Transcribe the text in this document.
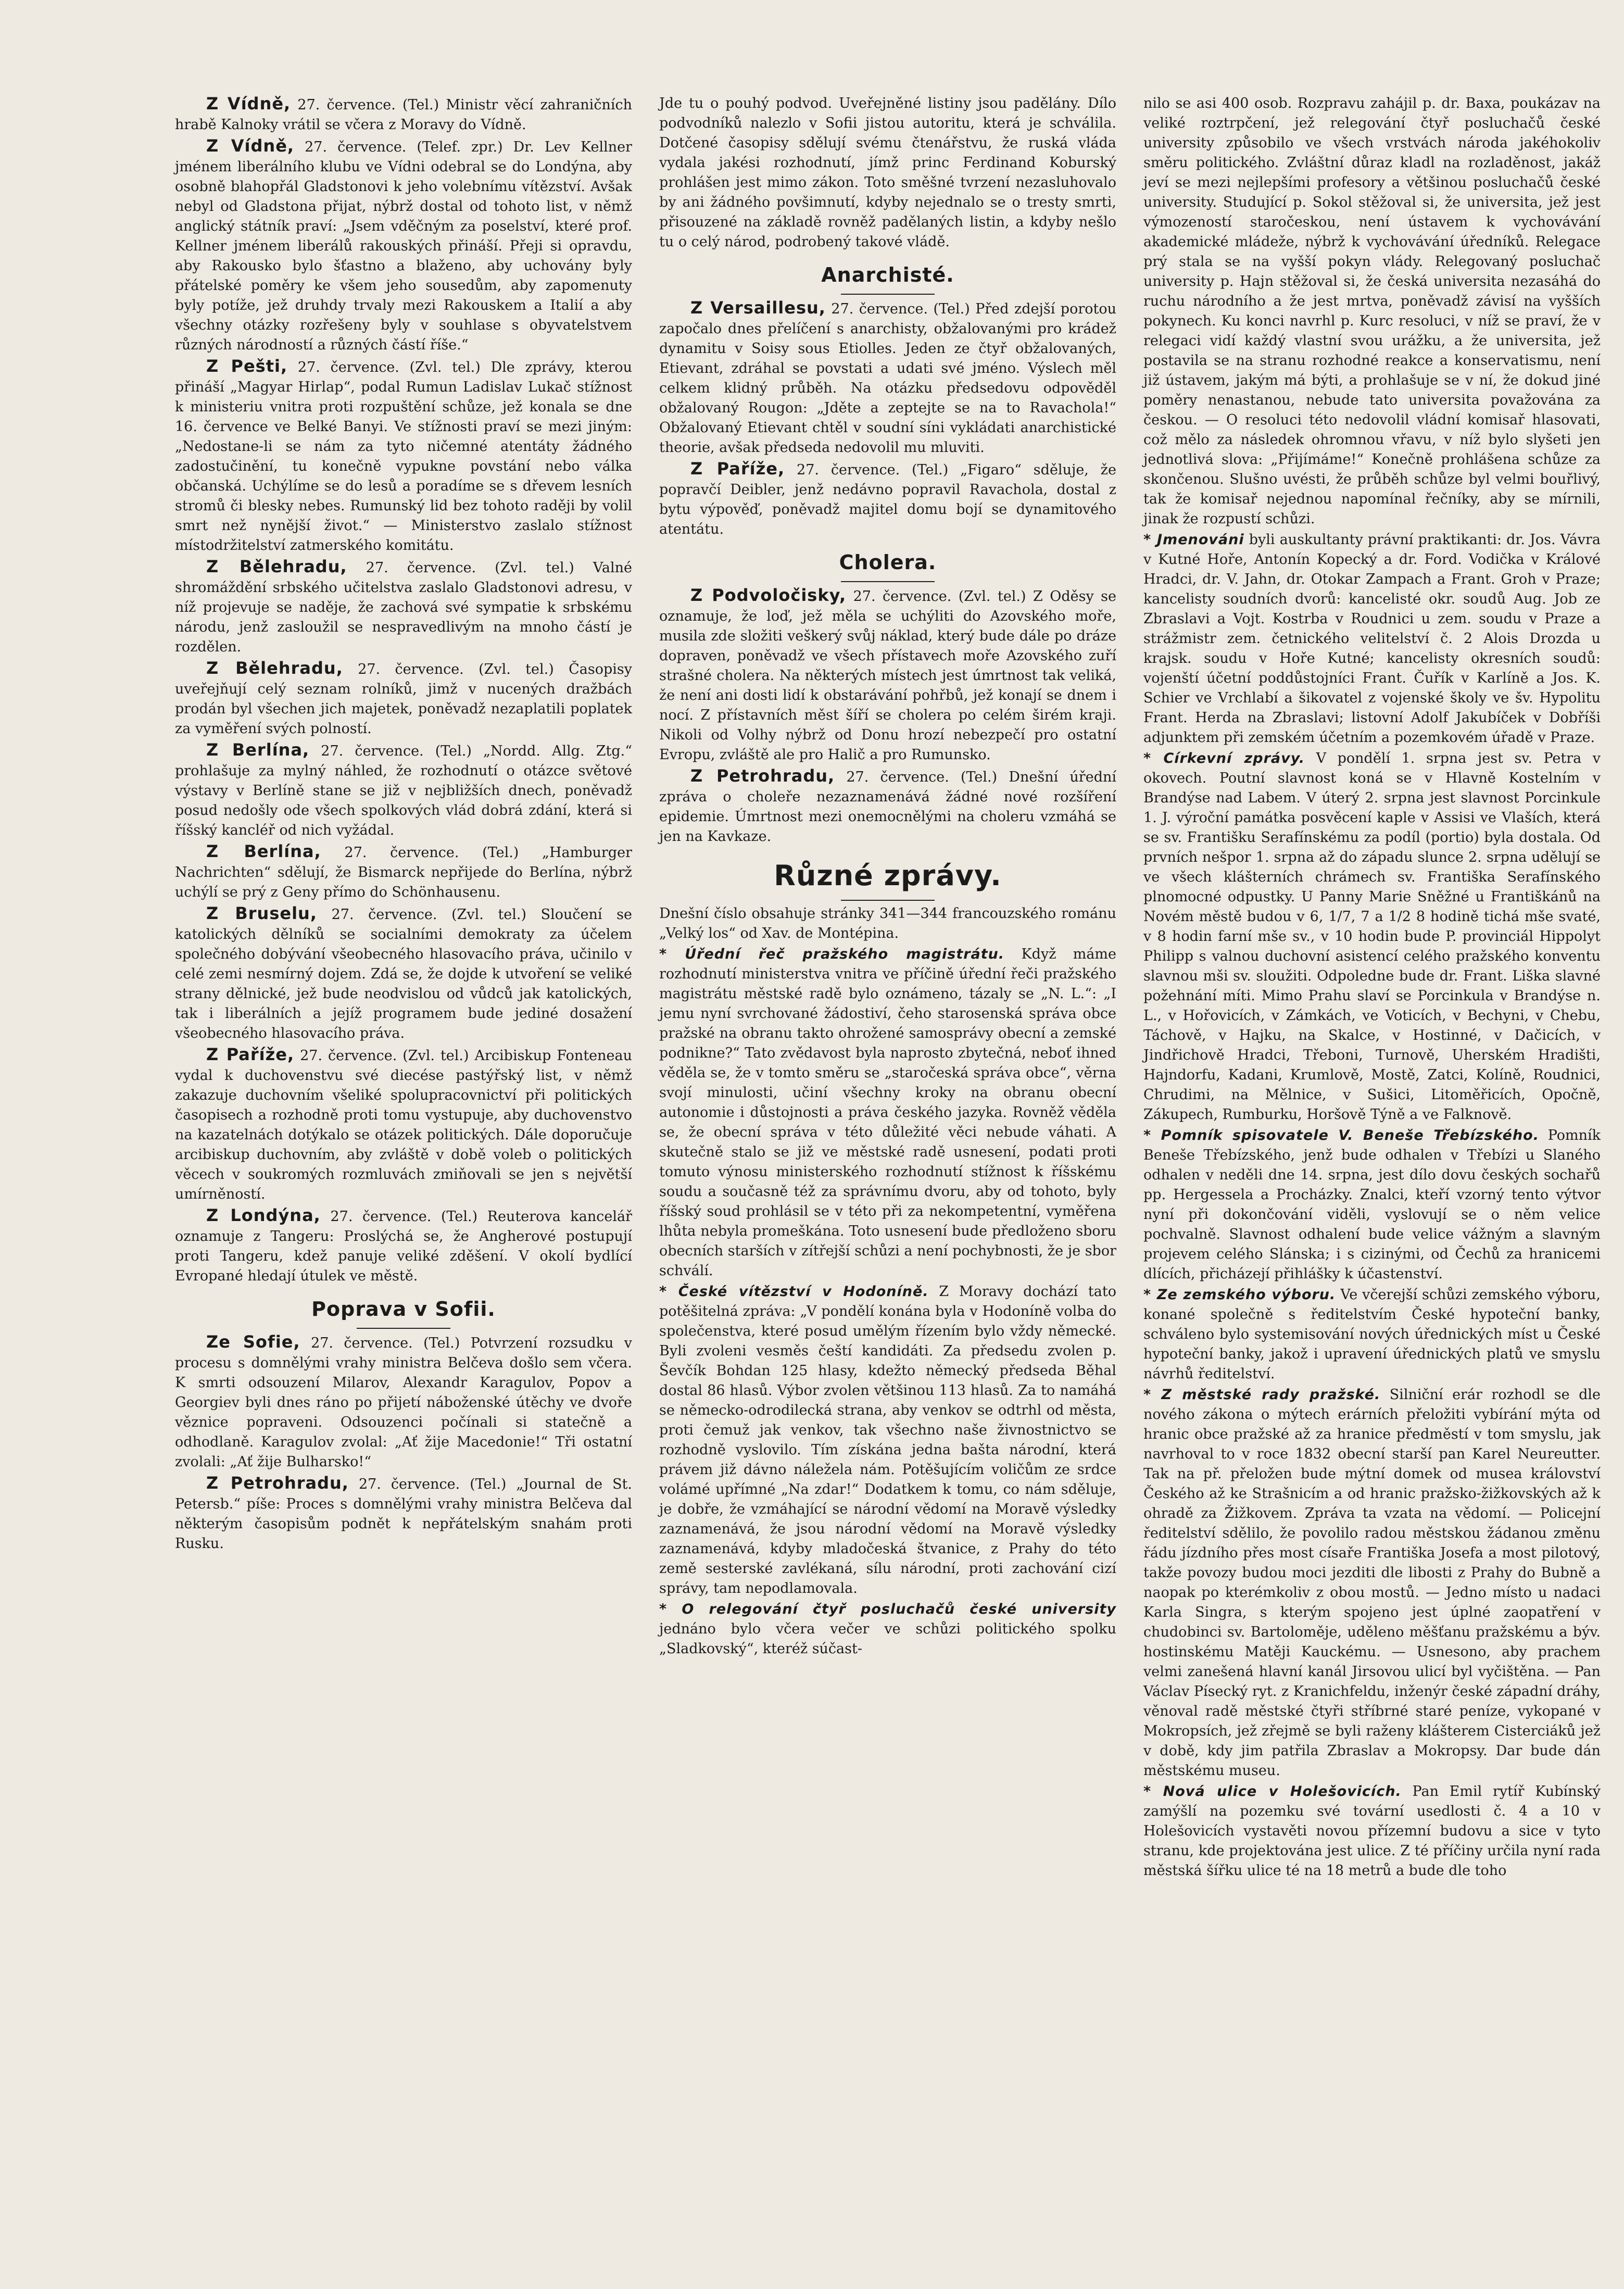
Z Vídně, 27. července. (Tel.) Ministr věcí zahraničních hrabě Kalnoky vrátil se včera z Moravy do Vídně.

Z Vídně, 27. července. (Telef. zpr.) Dr. Lev Kellner jménem liberálního klubu ve Vídni odebral se do Londýna, aby osobně blahopřál Gladstonovi k jeho volebnímu vítězství. Avšak nebyl od Gladstona přijat, nýbrž dostal od tohoto list, v němž anglický státník praví: „Jsem vděčným za poselství, které prof. Kellner jménem liberálů rakouských přináší. Přeji si opravdu, aby Rakousko bylo šťastno a blaženo, aby uchovány byly přátelské poměry ke všem jeho sousedům, aby zapomenuty byly potíže, jež druhdy trvaly mezi Rakouskem a Italií a aby všechny otázky rozřešeny byly v souhlase s obyvatelstvem různých národností a různých částí říše.“

Z Pešti, 27. července. (Zvl. tel.) Dle zprávy, kterou přináší „Magyar Hirlap“, podal Rumun Ladislav Lukač stížnost k ministeriu vnitra proti rozpuštění schůze, jež konala se dne 16. července ve Belké Banyi. Ve stížnosti praví se mezi jiným: „Nedostane-li se nám za tyto ničemné atentáty žádného zadostučinění, tu konečně vypukne povstání nebo válka občanská. Uchýlíme se do lesů a poradíme se s dřevem lesních stromů či blesky nebes. Rumunský lid bez tohoto raději by volil smrt než nynější život.“ — Ministerstvo zaslalo stížnost místodržitelství zatmerského komitátu.

Z Bělehradu, 27. července. (Zvl. tel.) Valné shromáždění srbského učitelstva zaslalo Gladstonovi adresu, v níž projevuje se naděje, že zachová své sympatie k srbskému národu, jenž zasloužil se nespravedlivým na mnoho částí je rozdělen.

Z Bělehradu, 27. července. (Zvl. tel.) Časopisy uveřejňují celý seznam rolníků, jimž v nucených dražbách prodán byl všechen jich majetek, poněvadž nezaplatili poplatek za vyměření svých polností.

Z Berlína, 27. července. (Tel.) „Nordd. Allg. Ztg.“ prohlašuje za mylný náhled, že rozhodnutí o otázce světové výstavy v Berlíně stane se již v nejbližších dnech, poněvadž posud nedošly ode všech spolkových vlád dobrá zdání, která si říšský kancléř od nich vyžádal.

Z Berlína, 27. července. (Tel.) „Hamburger Nachrichten“ sdělují, že Bismarck nepřijede do Berlína, nýbrž uchýlí se prý z Geny přímo do Schönhausenu.

Z Bruselu, 27. července. (Zvl. tel.) Sloučení se katolických dělníků se socialními demokraty za účelem společného dobývání všeobecného hlasovacího práva, učinilo v celé zemi nesmírný dojem. Zdá se, že dojde k utvoření se veliké strany dělnické, jež bude neodvislou od vůdců jak katolických, tak i liberálních a jejíž programem bude jediné dosažení všeobecného hlasovacího práva.

Z Paříže, 27. července. (Zvl. tel.) Arcibiskup Fonteneau vydal k duchovenstvu své diecése pastýřský list, v němž zakazuje duchovním všeliké spolupracovnictví při politických časopisech a rozhodně proti tomu vystupuje, aby duchovenstvo na kazatelnách dotýkalo se otázek politických. Dále doporučuje arcibiskup duchovním, aby zvláště v době voleb o politických věcech v soukromých rozmluvách zmiňovali se jen s největší umírněností.

Z Londýna, 27. července. (Tel.) Reuterova kancelář oznamuje z Tangeru: Proslýchá se, že Angherové postupují proti Tangeru, kdež panuje veliké zděšení. V okolí bydlící Evropané hledají útulek ve městě.

Poprava v Sofii.

Ze Sofie, 27. července. (Tel.) Potvrzení rozsudku v procesu s domnělými vrahy ministra Belčeva došlo sem včera. K smrti odsouzení Milarov, Alexandr Karagulov, Popov a Georgiev byli dnes ráno po přijetí náboženské útěchy ve dvoře věznice popraveni. Odsouzenci počínali si statečně a odhodlaně. Karagulov zvolal: „Ať žije Macedonie!“ Tři ostatní zvolali: „Ať žije Bulharsko!“

Z Petrohradu, 27. července. (Tel.) „Journal de St. Petersb.“ píše: Proces s domnělými vrahy ministra Belčeva dal některým časopisům podnět k nepřátelským snahám proti Rusku.

Jde tu o pouhý podvod. Uveřejněné listiny jsou padělány. Dílo podvodníků nalezlo v Sofii jistou autoritu, která je schválila. Dotčené časopisy sdělují svému čtenářstvu, že ruská vláda vydala jakési rozhodnutí, jímž princ Ferdinand Koburský prohlášen jest mimo zákon. Toto směšné tvrzení nezasluhovalo by ani žádného povšimnutí, kdyby nejednalo se o tresty smrti, přisouzené na základě rovněž padělaných listin, a kdyby nešlo tu o celý národ, podrobený takové vládě.

Anarchisté.

Z Versaillesu, 27. července. (Tel.) Před zdejší porotou započalo dnes přelíčení s anarchisty, obžalovanými pro krádež dynamitu v Soisy sous Etiolles. Jeden ze čtyř obžalovaných, Etievant, zdráhal se povstati a udati své jméno. Výslech měl celkem klidný průběh. Na otázku předsedovu odpověděl obžalovaný Rougon: „Jděte a zeptejte se na to Ravachola!“ Obžalovaný Etievant chtěl v soudní síni vykládati anarchistické theorie, avšak předseda nedovolil mu mluviti.

Z Paříže, 27. července. (Tel.) „Figaro“ sděluje, že popravčí Deibler, jenž nedávno popravil Ravachola, dostal z bytu výpověď, poněvadž majitel domu bojí se dynamitového atentátu.

Cholera.

Z Podvoločisky, 27. července. (Zvl. tel.) Z Oděsy se oznamuje, že loď, jež měla se uchýliti do Azovského moře, musila zde složiti veškerý svůj náklad, který bude dále po dráze dopraven, poněvadž ve všech přístavech moře Azovského zuří strašné cholera. Na některých místech jest úmrtnost tak veliká, že není ani dosti lidí k obstarávání pohřbů, jež konají se dnem i nocí. Z přístavních měst šíří se cholera po celém širém kraji. Nikoli od Volhy nýbrž od Donu hrozí nebezpečí pro ostatní Evropu, zvláště ale pro Halič a pro Rumunsko.

Z Petrohradu, 27. července. (Tel.) Dnešní úřední zpráva o choleře nezaznamenává žádné nové rozšíření epidemie. Úmrtnost mezi onemocnělými na choleru vzmáhá se jen na Kavkaze.

Různé zprávy.

Dnešní číslo obsahuje stránky 341—344 francouzského románu „Velký los“ od Xav. de Montépina.

* Úřední řeč pražského magistrátu. Když máme rozhodnutí ministerstva vnitra ve příčině úřední řeči pražského magistrátu městské radě bylo oznámeno, tázaly se „N. L.“: „I jemu nyní svrchované žádostiví, čeho starosenská správa obce pražské na obranu takto ohrožené samosprávy obecní a zemské podnikne?“ Tato zvědavost byla naprosto zbytečná, neboť ihned věděla se, že v tomto směru se „staročeská správa obce“, věrna svojí minulosti, učiní všechny kroky na obranu obecní autonomie i důstojnosti a práva českého jazyka. Rovněž věděla se, že obecní správa v této důležité věci nebude váhati. A skutečně stalo se již ve městské radě usnesení, podati proti tomuto výnosu ministerského rozhodnutí stížnost k říšskému soudu a současně též za správnímu dvoru, aby od tohoto, byly říšský soud prohlásil se v této při za nekompetentní, vyměřena lhůta nebyla promeškána. Toto usnesení bude předloženo sboru obecních starších v zítřejší schůzi a není pochybnosti, že je sbor schválí.

* České vítězství v Hodoníně. Z Moravy dochází tato potěšitelná zpráva: „V pondělí konána byla v Hodoníně volba do společenstva, které posud umělým řízením bylo vždy německé. Byli zvoleni vesměs čeští kandidáti. Za předsedu zvolen p. Ševčík Bohdan 125 hlasy, kdežto německý předseda Běhal dostal 86 hlasů. Výbor zvolen většinou 113 hlasů. Za to namáhá se německo-odrodilecká strana, aby venkov se odtrhl od města, proti čemuž jak venkov, tak všechno naše živnostnictvo se rozhodně vyslovilo. Tím získána jedna bašta národní, která právem již dávno náležela nám. Potěšujícím voličům ze srdce volámé upřímné „Na zdar!“ Dodatkem k tomu, co nám sděluje, je dobře, že vzmáhající se národní vědomí na Moravě výsledky zaznamenává, že jsou národní vědomí na Moravě výsledky zaznamenává, kdyby mladočeská štvanice, z Prahy do této země sesterské zavlékaná, sílu národní, proti zachování cizí správy, tam nepodlamovala.

* O relegování čtyř posluchačů české university jednáno bylo včera večer ve schůzi politického spolku „Sladkovský“, kteréž súčast-

nilo se asi 400 osob. Rozpravu zahájil p. dr. Baxa, poukázav na veliké roztrpčení, jež relegování čtyř posluchačů české university způsobilo ve všech vrstvách národa jakéhokoliv směru politického. Zvláštní důraz kladl na rozladěnost, jakáž jeví se mezi nejlepšími profesory a většinou posluchačů české university. Studující p. Sokol stěžoval si, že universita, jež jest výmozeností staročeskou, není ústavem k vychovávání akademické mládeže, nýbrž k vychovávání úředníků. Relegace prý stala se na vyšší pokyn vlády. Relegovaný posluchač university p. Hajn stěžoval si, že česká universita nezasáhá do ruchu národního a že jest mrtva, poněvadž závisí na vyšších pokynech. Ku konci navrhl p. Kurc resoluci, v níž se praví, že v relegaci vidí každý vlastní svou urážku, a že universita, jež postavila se na stranu rozhodné reakce a konservatismu, není již ústavem, jakým má býti, a prohlašuje se v ní, že dokud jiné poměry nenastanou, nebude tato universita považována za českou. — O resoluci této nedovolil vládní komisař hlasovati, což mělo za následek ohromnou vřavu, v níž bylo slyšeti jen jednotlivá slova: „Přijímáme!“ Konečně prohlášena schůze za skončenou. Slušno uvésti, že průběh schůze byl velmi bouřlivý, tak že komisař nejednou napomínal řečníky, aby se mírnili, jinak že rozpustí schůzi.

* Jmenováni byli auskultanty právní praktikanti: dr. Jos. Vávra v Kutné Hoře, Antonín Kopecký a dr. Ford. Vodička v Králové Hradci, dr. V. Jahn, dr. Otokar Zampach a Frant. Groh v Praze; kancelisty soudních dvorů: kancelisté okr. soudů Aug. Job ze Zbraslavi a Vojt. Kostrba v Roudnici u zem. soudu v Praze a strážmistr zem. četnického velitelství č. 2 Alois Drozda u krajsk. soudu v Hoře Kutné; kancelisty okresních soudů: vojenští účetní poddůstojníci Frant. Čuřík v Karlíně a Jos. K. Schier ve Vrchlabí a šikovatel z vojenské školy ve šv. Hypolitu Frant. Herda na Zbraslavi; listovní Adolf Jakubíček v Dobříši adjunktem při zemském účetním a pozemkovém úřadě v Praze.

* Církevní zprávy. V pondělí 1. srpna jest sv. Petra v okovech. Poutní slavnost koná se v Hlavně Kostelním v Brandýse nad Labem. V úterý 2. srpna jest slavnost Porcinkule 1. J. výroční památka posvěcení kaple v Assisi ve Vlaších, která se sv. Františku Serafínskému za podíl (portio) byla dostala. Od prvních nešpor 1. srpna až do západu slunce 2. srpna udělují se ve všech klášterních chrámech sv. Františka Serafínského plnomocné odpustky. U Panny Marie Sněžné u Františkánů na Novém městě budou v 6, 1/7, 7 a 1/2 8 hodině tichá mše svaté, v 8 hodin farní mše sv., v 10 hodin bude P. provinciál Hippolyt Philipp s valnou duchovní asistencí celého pražského konventu slavnou mši sv. sloužiti. Odpoledne bude dr. Frant. Liška slavné požehnání míti. Mimo Prahu slaví se Porcinkula v Brandýse n. L., v Hořovicích, v Zámkách, ve Voticích, v Bechyni, v Chebu, Táchově, v Hajku, na Skalce, v Hostinné, v Dačicích, v Jindřichově Hradci, Třeboni, Turnově, Uherském Hradišti, Hajndorfu, Kadani, Krumlově, Mostě, Zatci, Kolíně, Roudnici, Chrudimi, na Mělnice, v Sušici, Litoměřicích, Opočně, Zákupech, Rumburku, Horšově Týně a ve Falknově.

* Pomník spisovatele V. Beneše Třebízského. Pomník Beneše Třebízského, jenž bude odhalen v Třebízi u Slaného odhalen v neděli dne 14. srpna, jest dílo dovu českých sochařů pp. Hergessela a Procházky. Znalci, kteří vzorný tento výtvor nyní při dokončování viděli, vyslovují se o něm velice pochvalně. Slavnost odhalení bude velice vážným a slavným projevem celého Slánska; i s cizinými, od Čechů za hranicemi dlících, přicházejí přihlášky k účastenství.

* Ze zemského výboru. Ve včerejší schůzi zemského výboru, konané společně s ředitelstvím České hypoteční banky, schváleno bylo systemisování nových úřednických míst u České hypoteční banky, jakož i upravení úřednických platů ve smyslu návrhů ředitelství.

* Z městské rady pražské. Silniční erár rozhodl se dle nového zákona o mýtech erárních přeložiti vybírání mýta od hranic obce pražské až za hranice předměstí v tom smyslu, jak navrhoval to v roce 1832 obecní starší pan Karel Neureutter. Tak na př. přeložen bude mýtní domek od musea království Českého až ke Strašnicím a od hranic pražsko-žižkovských až k ohradě za Žižkovem. Zpráva ta vzata na vědomí. — Policejní ředitelství sdělilo, že povolilo radou městskou žádanou změnu řádu jízdního přes most císaře Františka Josefa a most pilotový, takže povozy budou moci jezditi dle libosti z Prahy do Bubně a naopak po kterémkoliv z obou mostů. — Jedno místo u nadaci Karla Singra, s kterým spojeno jest úplné zaopatření v chudobinci sv. Bartoloměje, uděleno měšťanu pražskému a býv. hostinskému Matěji Kauckému. — Usnesono, aby prachem velmi zanešená hlavní kanál Jirsovou ulicí byl vyčištěna. — Pan Václav Písecký ryt. z Kranichfeldu, inženýr české západní dráhy, věnoval radě městské čtyři stříbrné staré peníze, vykopané v Mokropsích, jež zřejmě se byli raženy klášterem Cisterciáků jež v době, kdy jim patřila Zbraslav a Mokropsy. Dar bude dán městskému museu.

* Nová ulice v Holešovicích. Pan Emil rytíř Kubínský zamýšlí na pozemku své tovární usedlosti č. 4 a 10 v Holešovicích vystavěti novou přízemní budovu a sice v tyto stranu, kde projektována jest ulice. Z té příčiny určila nyní rada městská šířku ulice té na 18 metrů a bude dle toho
